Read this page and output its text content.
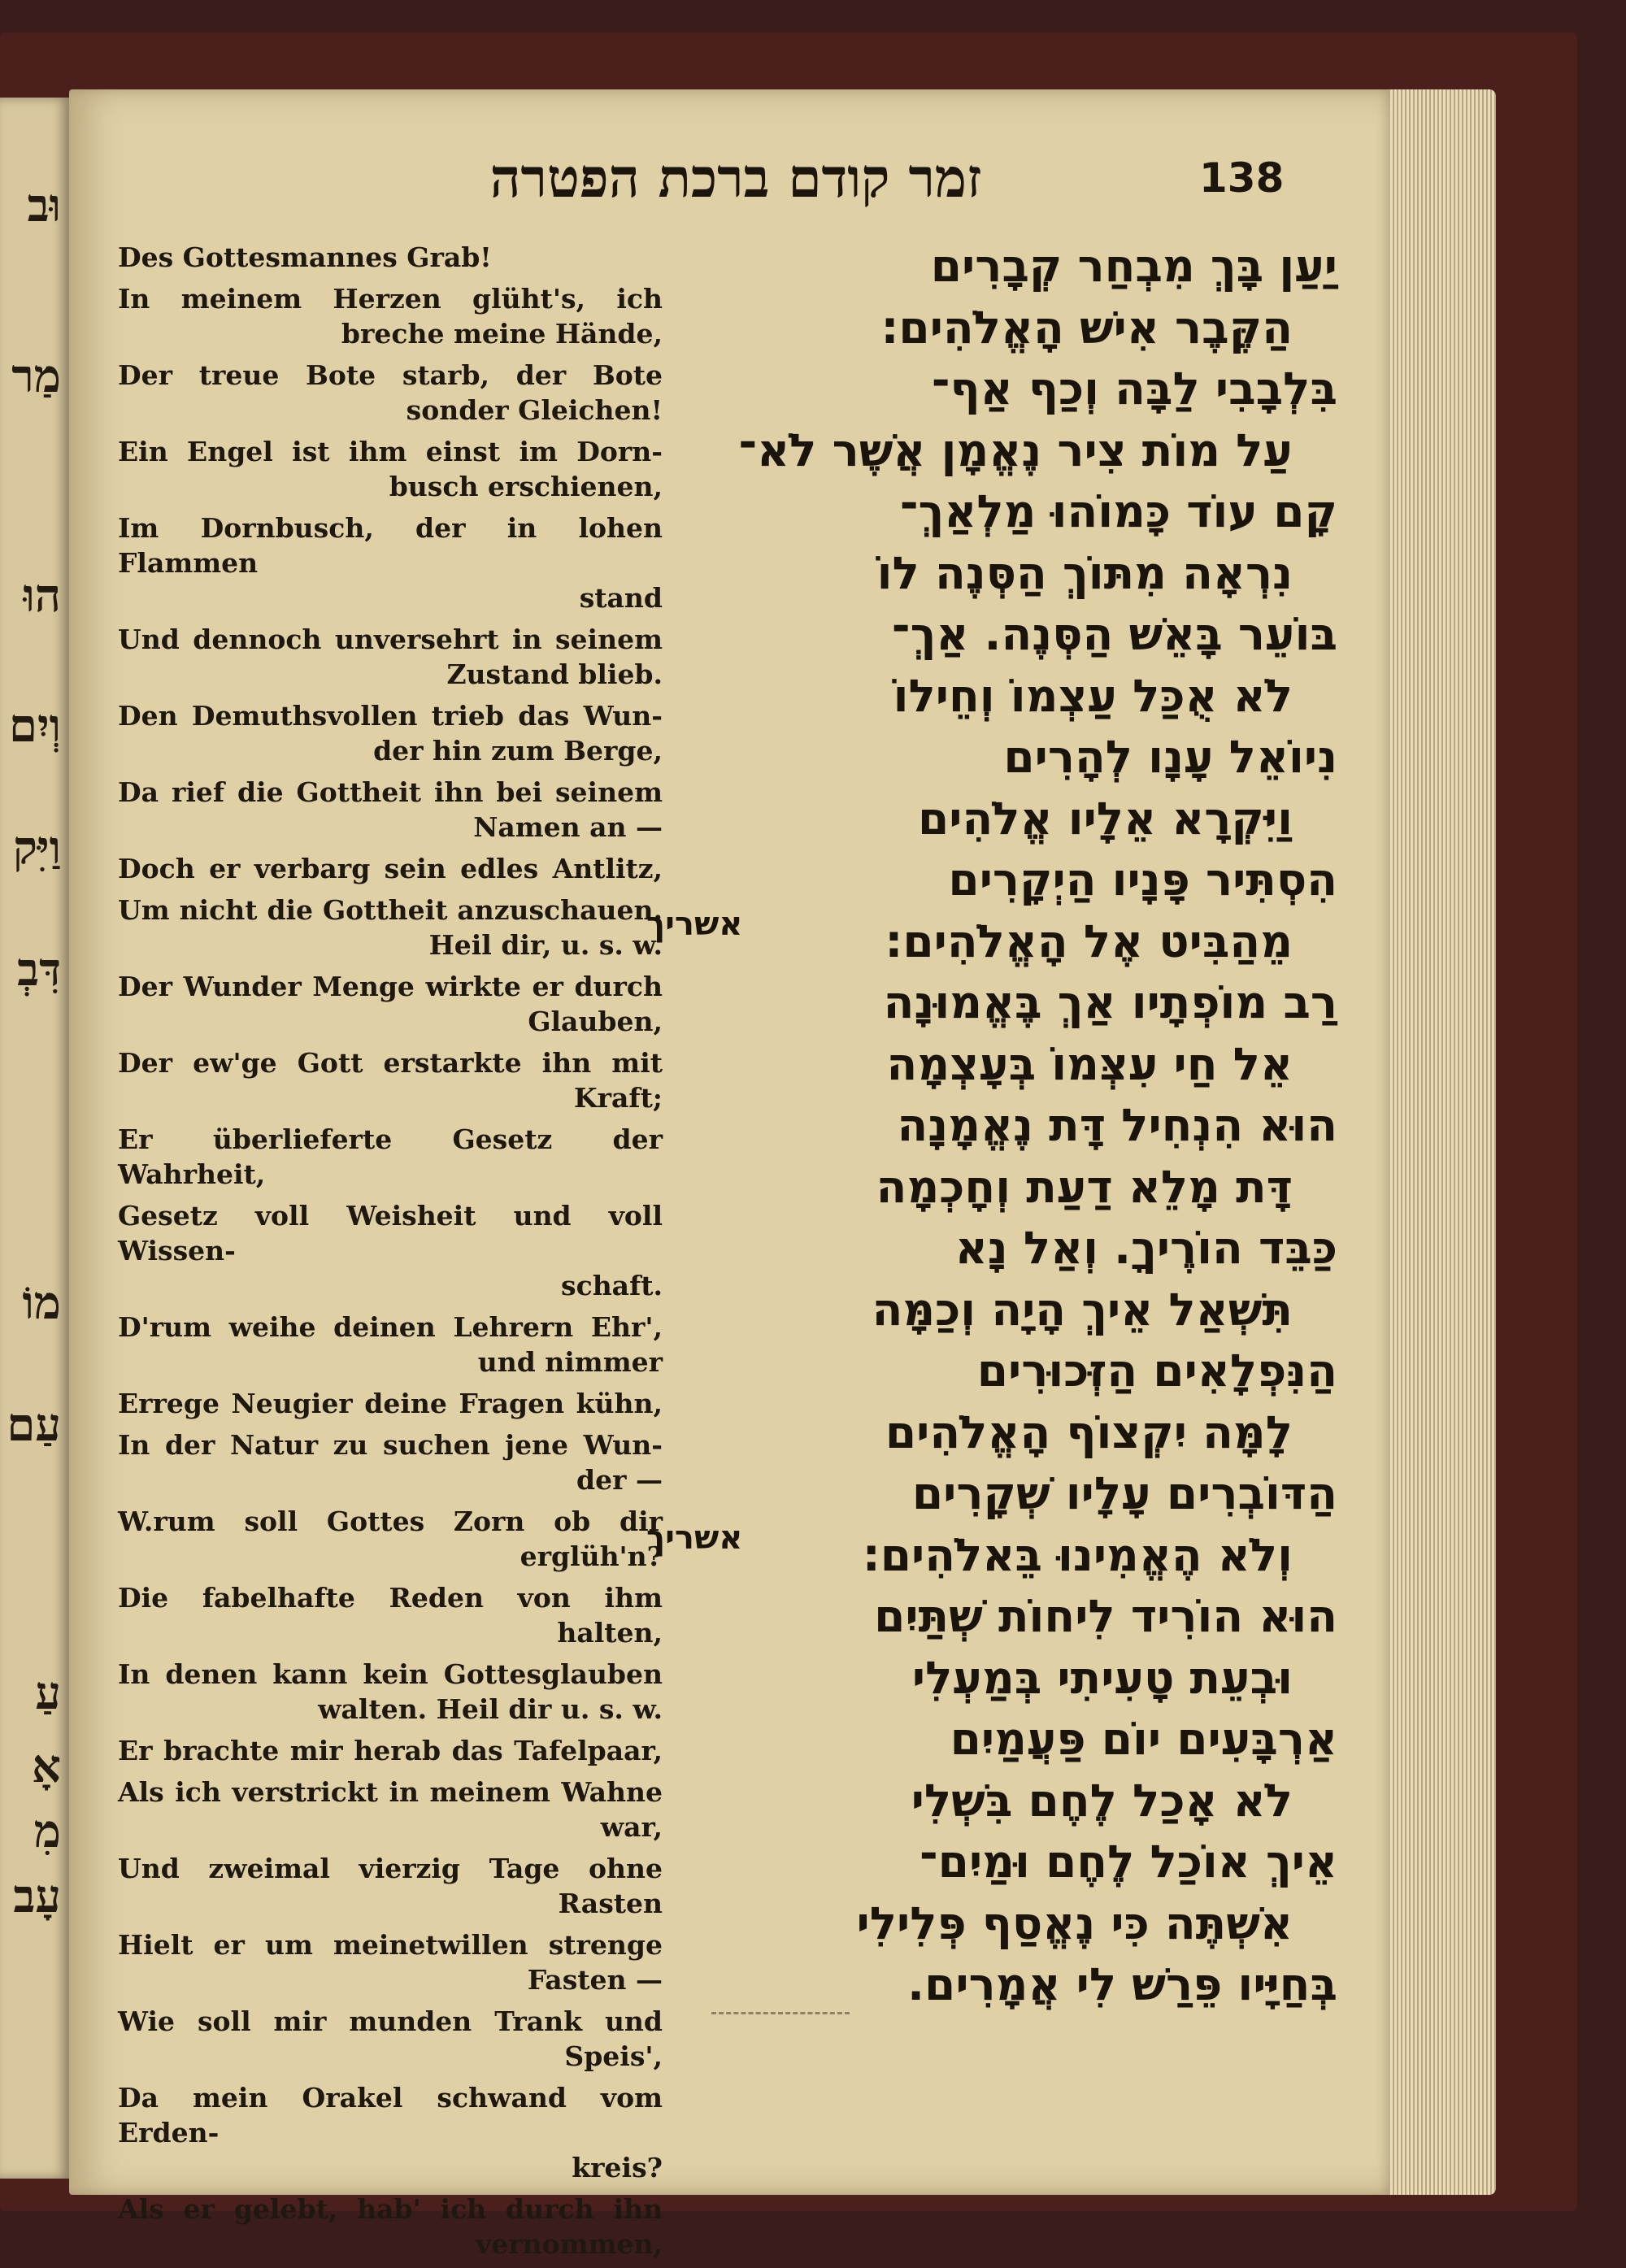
וּב
מַר
הוּ
וְיִם
וַיִּק
דִּבְ
מוֹ
עַם
עַ
אָ
מִ
עָב
זמר קודם ברכת הפטרה	138
Des Gottesmannes Grab!
In meinem Herzen glüht's, ich
breche meine Hände,
Der treue Bote starb, der Bote
sonder Gleichen!
Ein Engel ist ihm einst im Dorn-
busch erschienen,
Im Dornbusch, der in lohen Flammen
stand
Und dennoch unversehrt in seinem
Zustand blieb.
Den Demuthsvollen trieb das Wun-
der hin zum Berge,
Da rief die Gottheit ihn bei seinem
Namen an —
Doch er verbarg sein edles Antlitz,
Um nicht die Gottheit anzuschauen.
Heil dir, u. s. w.
Der Wunder Menge wirkte er durch
Glauben,
Der ew'ge Gott erstarkte ihn mit
Kraft;
Er überlieferte Gesetz der Wahrheit,
Gesetz voll Weisheit und voll Wissen-
schaft.
D'rum weihe deinen Lehrern Ehr',
und nimmer
Errege Neugier deine Fragen kühn,
In der Natur zu suchen jene Wun-
der —
W.rum soll Gottes Zorn ob dir
erglüh'n?
Die fabelhafte Reden von ihm
halten,
In denen kann kein Gottesglauben
walten. Heil dir u. s. w.
Er brachte mir herab das Tafelpaar,
Als ich verstrickt in meinem Wahne
war,
Und zweimal vierzig Tage ohne
Rasten
Hielt er um meinetwillen strenge
Fasten —
Wie soll mir munden Trank und
Speis',
Da mein Orakel schwand vom Erden-
kreis?
Als er gelebt, hab' ich durch ihn
vernommen,
יַעַן בָּךְ מִבְחַר קְבָרִים
הַקֶּבֶר אִישׁ הָאֱלֹהִים:
בִּלְבָבִי לַבָּה וְכַף אַף־
עַל מוֹת צִיר נֶאֱמָן אֲשֶׁר לֹא־
קָם עוֹד כָּמוֹהוּ מַלְאַךְ־
נִרְאָה מִתּוֹךְ הַסְּנֶה לוֹ
בּוֹעֵר בָּאֵשׁ הַסְּנֶה. אַךְ־
לֹא אֻכַּל עַצְמוֹ וְחֵילוֹ
נִיוֹאֵל עָנָו לְהָרִים
וַיִּקְרָא אֵלָיו אֱלֹהִים
הִסְתִּיר פָּנָיו הַיְקָרִים
מֵהַבִּיט אֶל הָאֱלֹהִים:
רַב מוֹפְתָיו אַךְ בֶּאֱמוּנָה
אֵל חַי עִצְּמוֹ בְּעָצְמָה
הוּא הִנְחִיל דָּת נֶאֱמָנָה
דָּת מָלֵא דַעַת וְחָכְמָה
כַּבֵּד הוֹרֶיךָ. וְאַל נָא
תִּשְׁאַל אֵיךְ הָיָה וְכַמָּה
הַנִּפְלָאִים הַזְּכוּרִים
לָמָּה יִקְצוֹף הָאֱלֹהִים
הַדּוֹבְרִים עָלָיו שְׁקָרִים
וְלֹא הֶאֱמִינוּ בֵּאלֹהִים:
הוּא הוֹרִיד לִיחוֹת שְׁתַּיִם
וּבְעֵת טָעִיתִי בְּמַעְלִי
אַרְבָּעִים יוֹם פַּעֲמַיִם
לֹא אָכַל לֶחֶם בִּשְׁלִי
אֵיךְ אוֹכַל לֶחֶם וּמַיִם־
אִשְׁתֶּה כִּי נֶאֱסַף פְּלִילִי
בְּחַיָּיו פֵּרַשׁ לִי אֲמָרִים.
אשריך
אשריך
